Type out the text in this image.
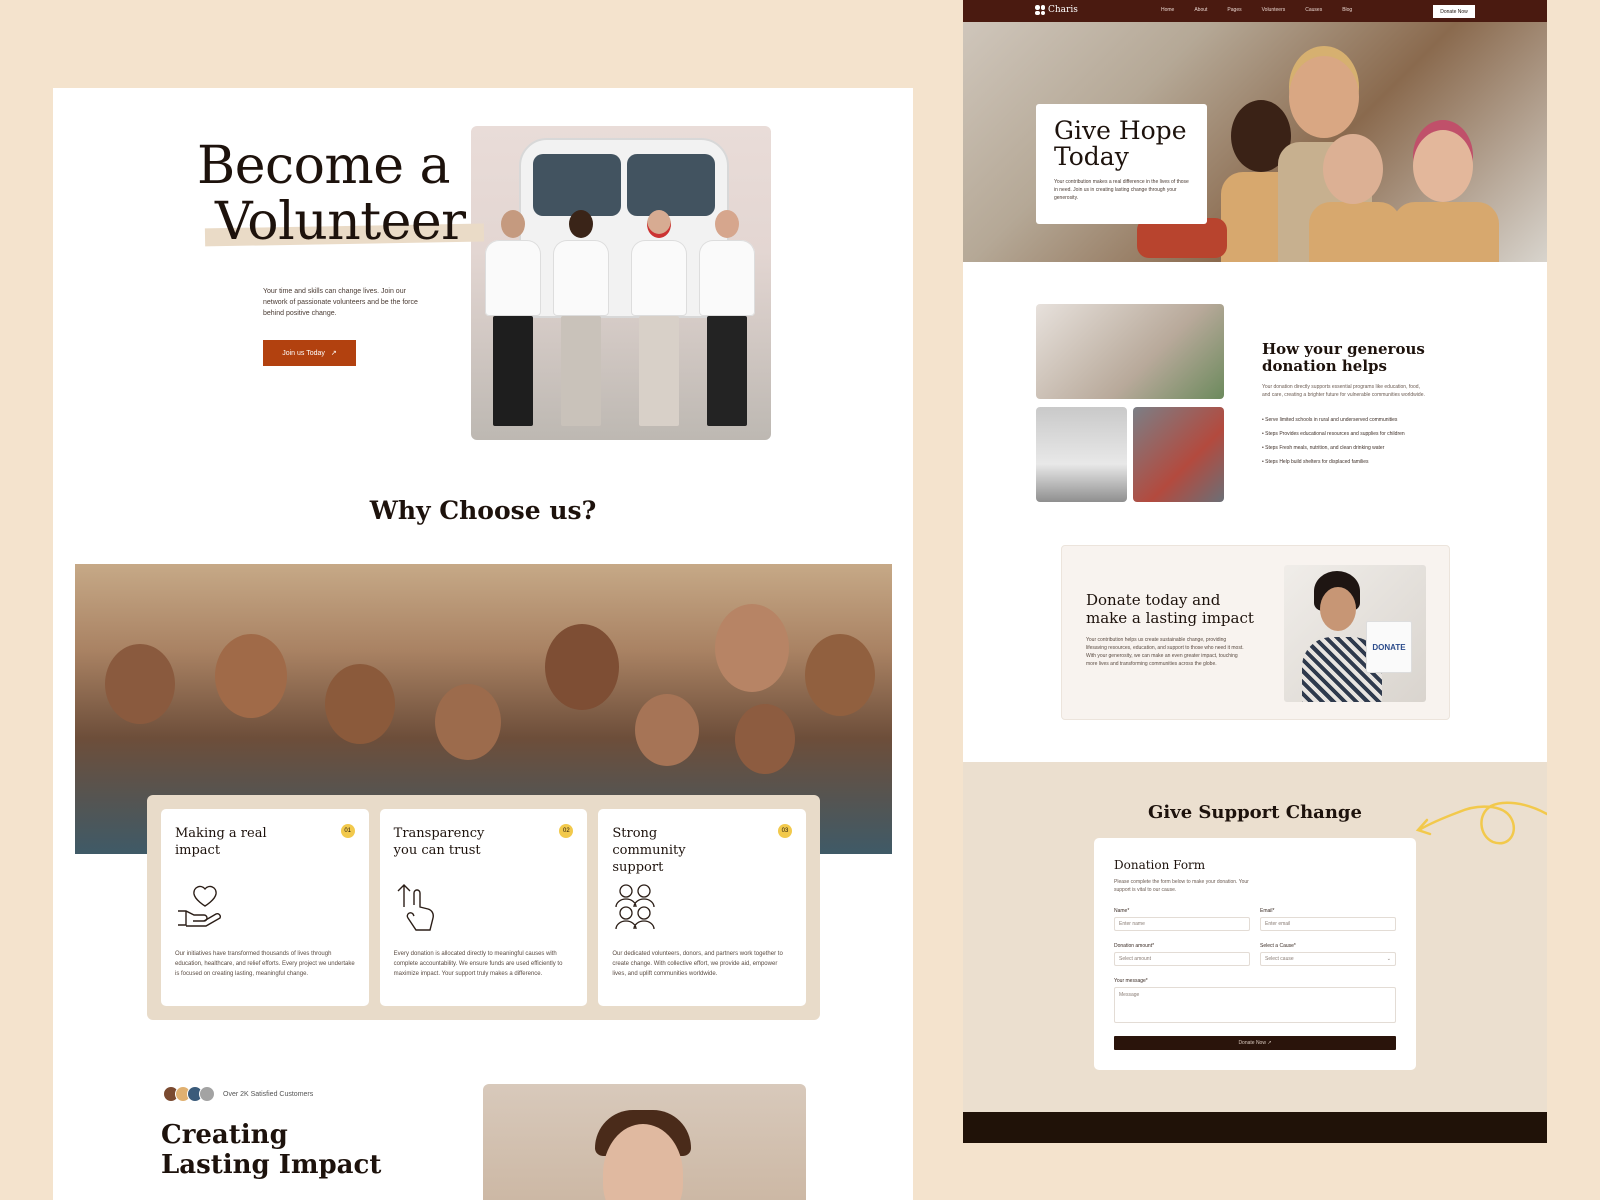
Become a
Volunteer

Your time and skills can change lives. Join our network of passionate volunteers and be the force behind positive change.

Join us Today ↗
Why Choose us?
Making a real impact
01

Our initiatives have transformed thousands of lives through education, healthcare, and relief efforts. Every project we undertake is focused on creating lasting, meaningful change.

Transparency you can trust
02

Every donation is allocated directly to meaningful causes with complete accountability. We ensure funds are used efficiently to maximize impact. Your support truly makes a difference.

Strong community support
03

Our dedicated volunteers, donors, and partners work together to create change. With collective effort, we provide aid, empower lives, and uplift communities worldwide.

Over 2K Satisfied Customers
Creating
Lasting Impact
Charis	Home	About	Pages	Volunteers	Causes	Blog	Donate Now
Give Hope
Today

Your contribution makes a real difference in the lives of those in need. Join us in creating lasting change through your generosity.

How your generous
donation helps

Your donation directly supports essential programs like education, food, and care, creating a brighter future for vulnerable communities worldwide.

• Serve limited schools in rural and underserved communities
• Steps Provides educational resources and supplies for children
• Steps Fresh meals, nutrition, and clean drinking water
• Steps Help build shelters for displaced families
Donate today and make a lasting impact

Your contribution helps us create sustainable change, providing lifesaving resources, education, and support to those who need it most. With your generosity, we can make an even greater impact, touching more lives and transforming communities across the globe.

DONATE
Give Support Change
Donation Form

Please complete the form below to make your donation. Your support is vital to our cause.

Name*
Enter name
Email*
Enter email
Donation amount*
Select amount
Select a Cause*
Select cause	⌄
Your message*
Message
Donate Now
↗
